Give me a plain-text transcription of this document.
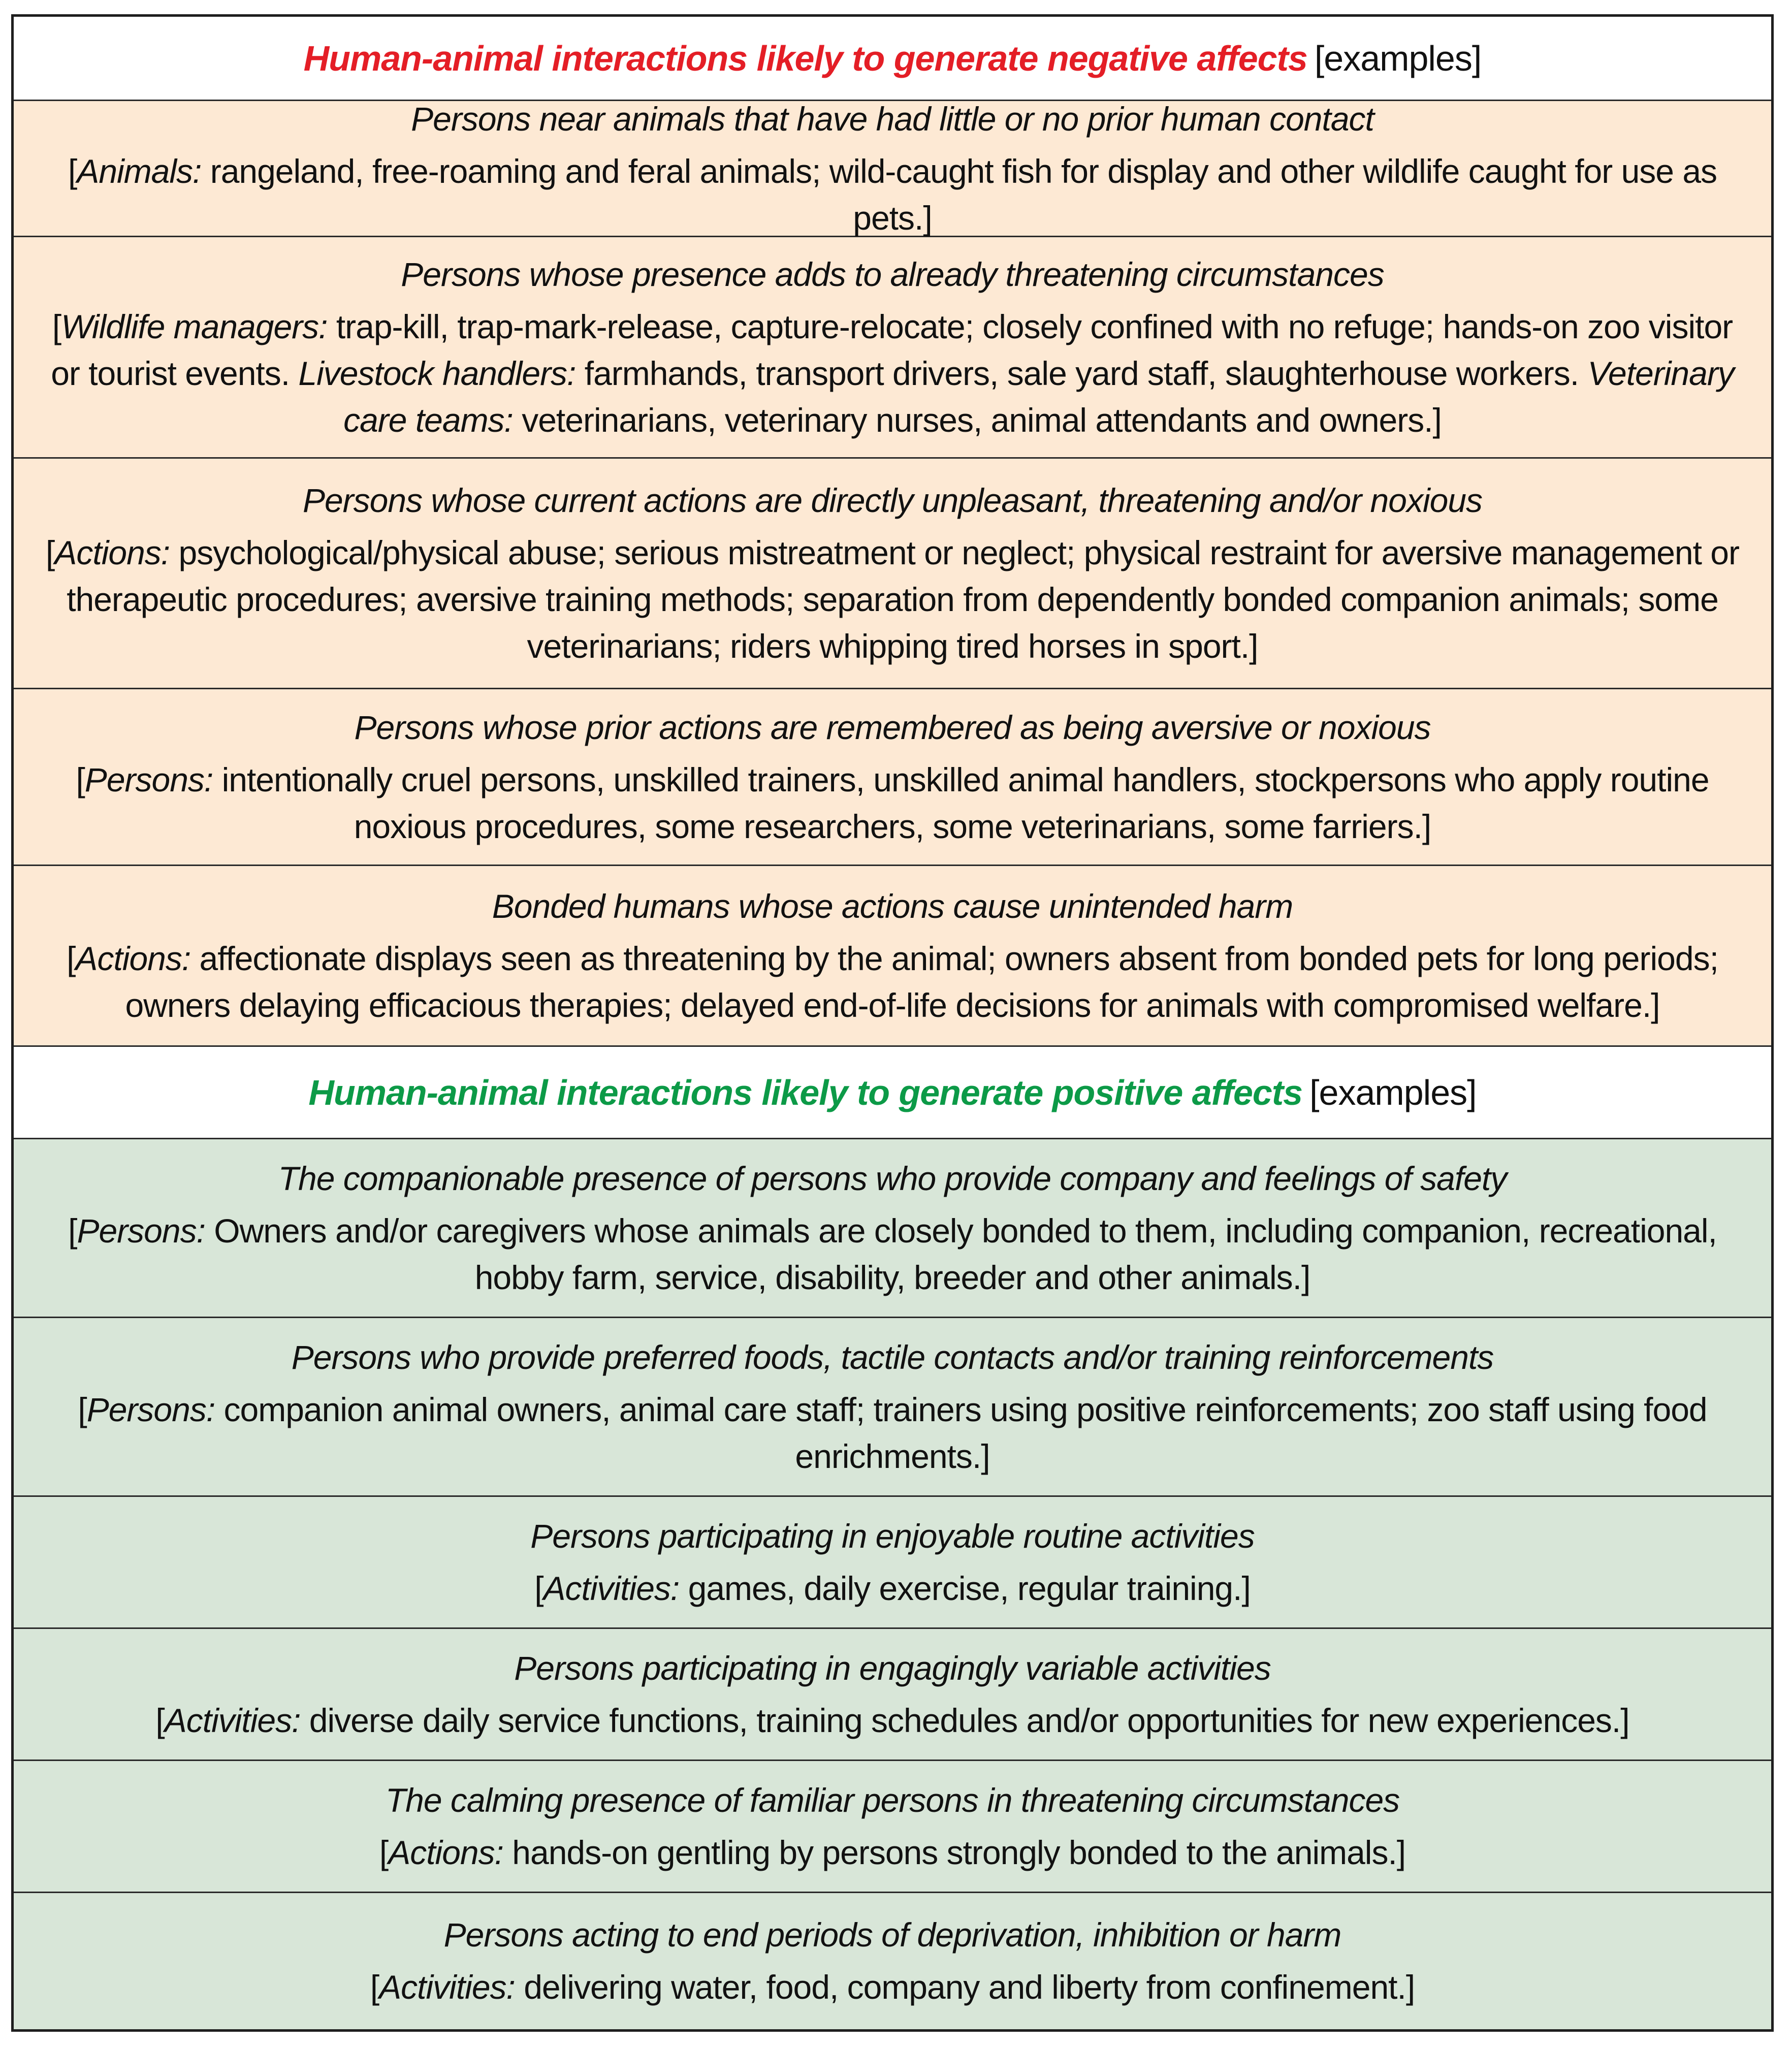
Human-animal interactions likely to generate negative affects [examples]
Persons near animals that have had little or no prior human contact
[Animals: rangeland, free-roaming and feral animals; wild-caught fish for display and other wildlife caught for use as pets.]
Persons whose presence adds to already threatening circumstances
[Wildlife managers: trap-kill, trap-mark-release, capture-relocate; closely confined with no refuge; hands-on zoo visitor or tourist events. Livestock handlers: farmhands, transport drivers, sale yard staff, slaughterhouse workers. Veterinary care teams: veterinarians, veterinary nurses, animal attendants and owners.]
Persons whose current actions are directly unpleasant, threatening and/or noxious
[Actions: psychological/physical abuse; serious mistreatment or neglect; physical restraint for aversive management or therapeutic procedures; aversive training methods; separation from dependently bonded companion animals; some veterinarians; riders whipping tired horses in sport.]
Persons whose prior actions are remembered as being aversive or noxious
[Persons: intentionally cruel persons, unskilled trainers, unskilled animal handlers, stockpersons who apply routine noxious procedures, some researchers, some veterinarians, some farriers.]
Bonded humans whose actions cause unintended harm
[Actions: affectionate displays seen as threatening by the animal; owners absent from bonded pets for long periods; owners delaying efficacious therapies; delayed end-of-life decisions for animals with compromised welfare.]
Human-animal interactions likely to generate positive affects [examples]
The companionable presence of persons who provide company and feelings of safety
[Persons: Owners and/or caregivers whose animals are closely bonded to them, including companion, recreational, hobby farm, service, disability, breeder and other animals.]
Persons who provide preferred foods, tactile contacts and/or training reinforcements
[Persons: companion animal owners, animal care staff; trainers using positive reinforcements; zoo staff using food enrichments.]
Persons participating in enjoyable routine activities
[Activities: games, daily exercise, regular training.]
Persons participating in engagingly variable activities
[Activities: diverse daily service functions, training schedules and/or opportunities for new experiences.]
The calming presence of familiar persons in threatening circumstances
[Actions: hands-on gentling by persons strongly bonded to the animals.]
Persons acting to end periods of deprivation, inhibition or harm
[Activities: delivering water, food, company and liberty from confinement.]
